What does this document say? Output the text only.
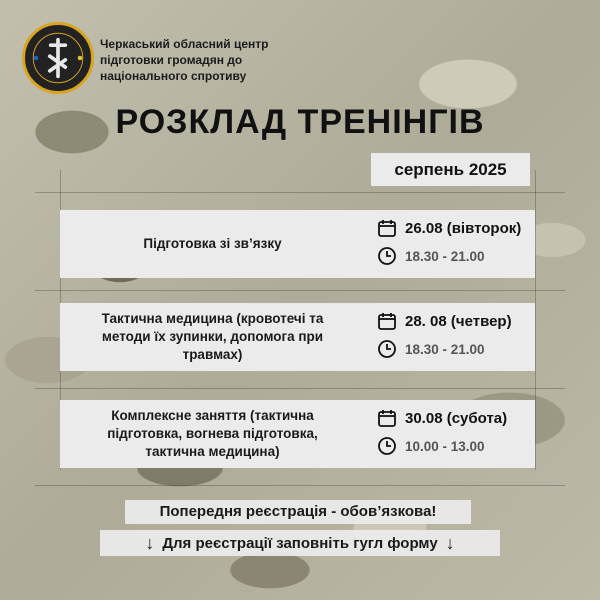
Черкаський обласний центр
підготовки громадян до
національного спротиву
РОЗКЛАД ТРЕНІНГІВ
серпень 2025
Підготовка зі зв’язку
26.08 (вівторок)
18.30 - 21.00
Тактична медицина (кровотечі та
методи їх зупинки, допомога при
травмах)
28. 08 (четвер)
18.30 - 21.00
Комплексне заняття (тактична
підготовка, вогнева підготовка,
тактична медицина)
30.08 (субота)
10.00 - 13.00
Попередня реєстрація - обов’язкова!
↓ Для реєстрації заповніть гугл форму ↓
